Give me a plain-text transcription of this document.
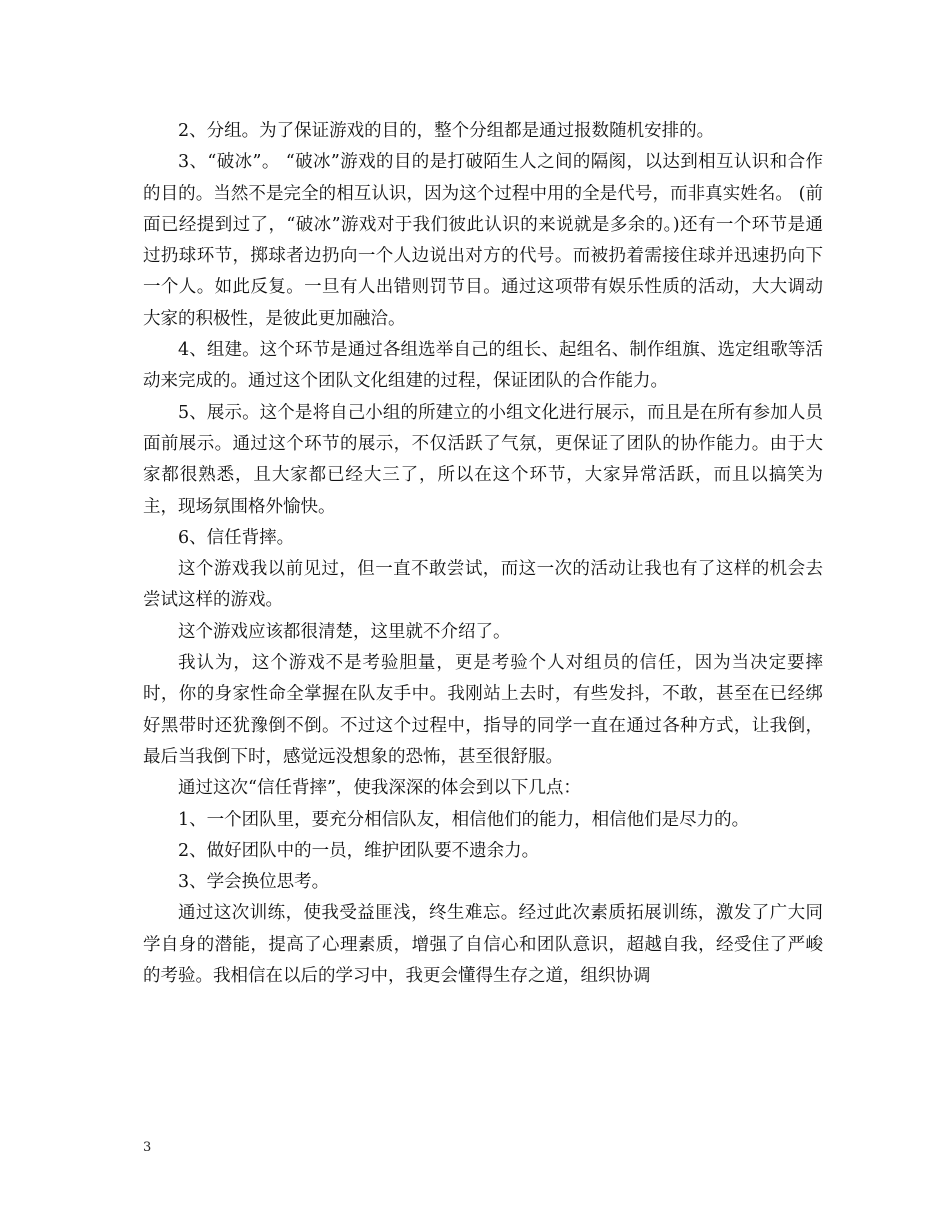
2、分组。为了保证游戏的目的，整个分组都是通过报数随机安排的。

3、“破冰”。 “破冰”游戏的目的是打破陌生人之间的隔阂，以达到相互认识和合作的目的。当然不是完全的相互认识，因为这个过程中用的全是代号，而非真实姓名。 (前面已经提到过了，“破冰”游戏对于我们彼此认识的来说就是多余的。)还有一个环节是通过扔球环节，掷球者边扔向一个人边说出对方的代号。而被扔着需接住球并迅速扔向下一个人。如此反复。一旦有人出错则罚节目。通过这项带有娱乐性质的活动，大大调动大家的积极性，是彼此更加融洽。

4、组建。这个环节是通过各组选举自己的组长、起组名、制作组旗、选定组歌等活动来完成的。通过这个团队文化组建的过程，保证团队的合作能力。

5、展示。这个是将自己小组的所建立的小组文化进行展示，而且是在所有参加人员面前展示。通过这个环节的展示，不仅活跃了气氛，更保证了团队的协作能力。由于大家都很熟悉，且大家都已经大三了，所以在这个环节，大家异常活跃，而且以搞笑为主，现场氛围格外愉快。

6、信任背摔。

这个游戏我以前见过，但一直不敢尝试，而这一次的活动让我也有了这样的机会去尝试这样的游戏。

这个游戏应该都很清楚，这里就不介绍了。

我认为，这个游戏不是考验胆量，更是考验个人对组员的信任，因为当决定要摔时，你的身家性命全掌握在队友手中。我刚站上去时，有些发抖，不敢，甚至在已经绑好黑带时还犹豫倒不倒。不过这个过程中，指导的同学一直在通过各种方式，让我倒，最后当我倒下时，感觉远没想象的恐怖，甚至很舒服。

通过这次“信任背摔”，使我深深的体会到以下几点：

1、一个团队里，要充分相信队友，相信他们的能力，相信他们是尽力的。

2、做好团队中的一员，维护团队要不遗余力。

3、学会换位思考。

通过这次训练，使我受益匪浅，终生难忘。经过此次素质拓展训练，激发了广大同学自身的潜能，提高了心理素质，增强了自信心和团队意识，超越自我，经受住了严峻的考验。我相信在以后的学习中，我更会懂得生存之道，组织协调

3
